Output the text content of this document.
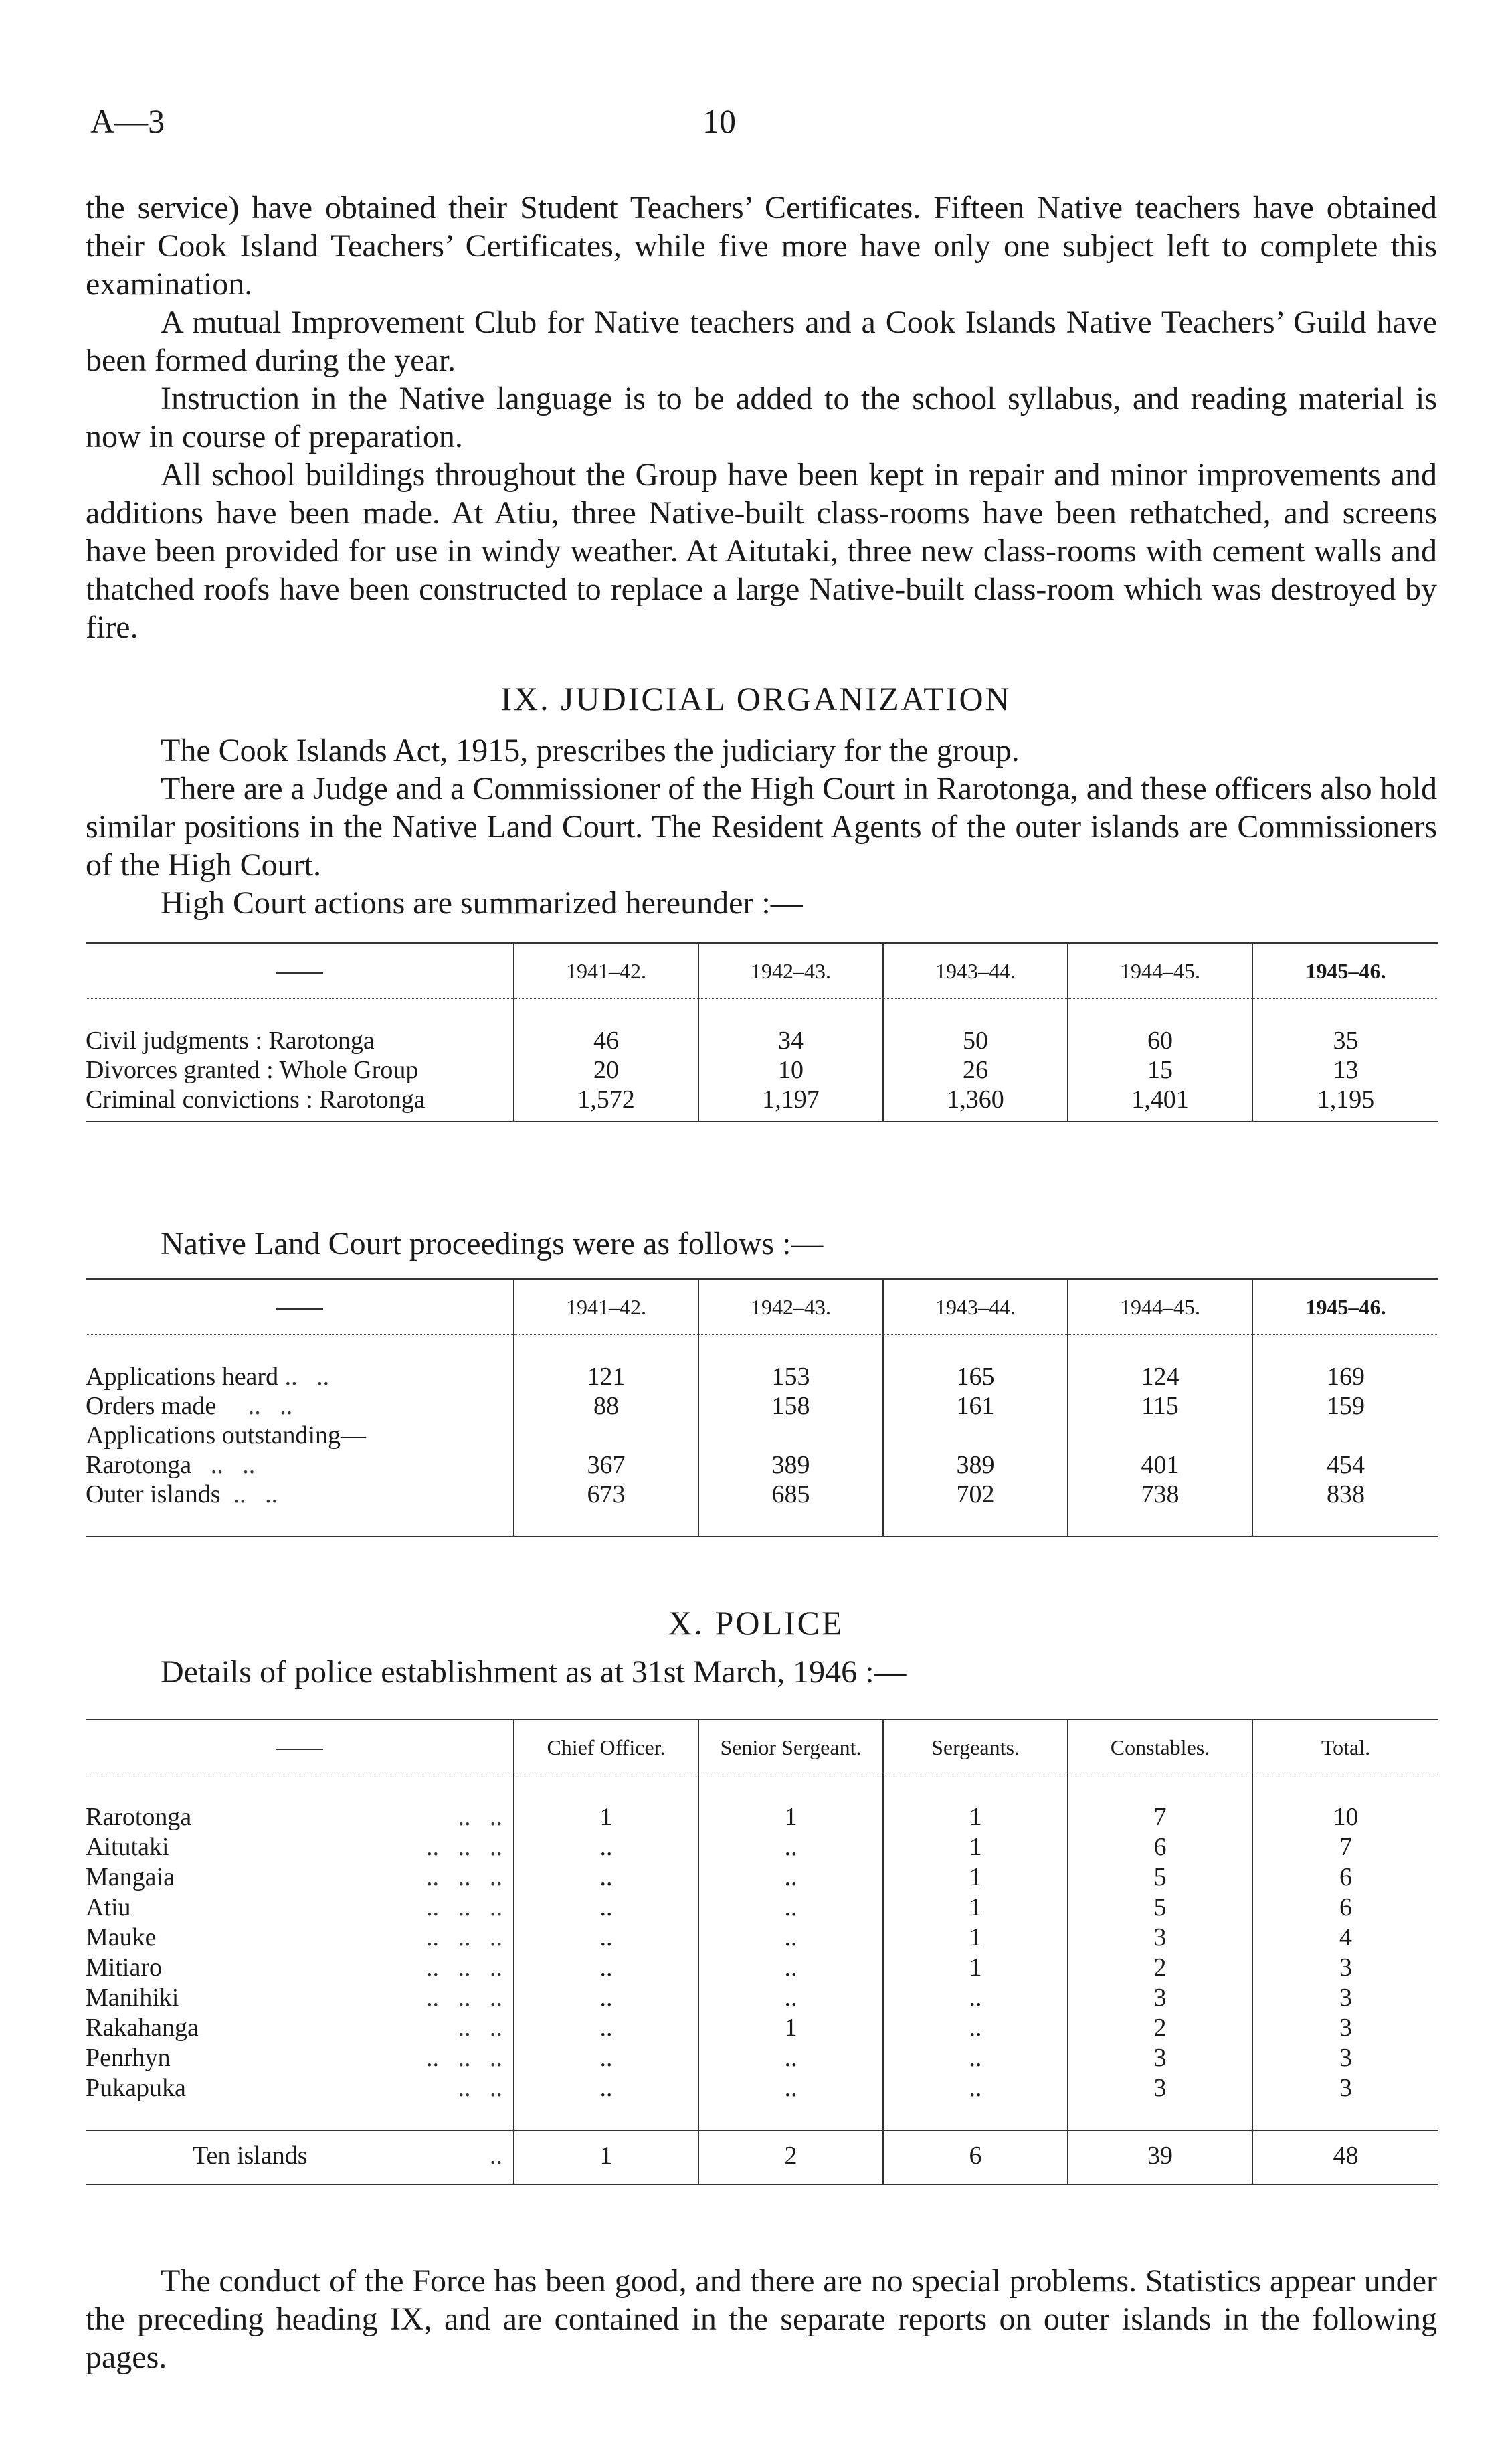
A—3	10

the service) have obtained their Student Teachers’ Certificates. Fifteen Native teachers have obtained their Cook Island Teachers’ Certificates, while five more have only one subject left to complete this examination.

A mutual Improvement Club for Native teachers and a Cook Islands Native Teachers’ Guild have been formed during the year.

Instruction in the Native language is to be added to the school syllabus, and reading material is now in course of preparation.

All school buildings throughout the Group have been kept in repair and minor improvements and additions have been made. At Atiu, three Native-built class-rooms have been rethatched, and screens have been provided for use in windy weather. At Aitutaki, three new class-rooms with cement walls and thatched roofs have been constructed to replace a large Native-built class-room which was destroyed by fire.

IX. JUDICIAL ORGANIZATION

The Cook Islands Act, 1915, prescribes the judiciary for the group.

There are a Judge and a Commissioner of the High Court in Rarotonga, and these officers also hold similar positions in the Native Land Court. The Resident Agents of the outer islands are Commissioners of the High Court.

High Court actions are summarized hereunder :—

	1941–42.	1942–43.	1943–44.	1944–45.	1945–46.

Civil judgments : Rarotonga	46	34	50	60	35
Divorces granted : Whole Group	20	10	26	15	13
Criminal convictions : Rarotonga	1,572	1,197	1,360	1,401	1,195

Native Land Court proceedings were as follows :—

	1941–42.	1942–43.	1943–44.	1944–45.	1945–46.

Applications heard ..   ..	121	153	165	124	169
Orders made     ..   ..	88	158	161	115	159
Applications outstanding—					
Rarotonga   ..   ..	367	389	389	401	454
Outer islands  ..   ..	673	685	702	738	838

X. POLICE

Details of police establishment as at 31st March, 1946 :—

	Chief Officer.	Senior Sergeant.	Sergeants.	Constables.	Total.

Rarotonga ..   ..	1	1	1	7	10
Aitutaki ..   ..   ..	..	..	1	6	7
Mangaia ..   ..   ..	..	..	1	5	6
Atiu ..   ..   ..	..	..	1	5	6
Mauke ..   ..   ..	..	..	1	3	4
Mitiaro ..   ..   ..	..	..	1	2	3
Manihiki ..   ..   ..	..	..	..	3	3
Rakahanga ..   ..	..	1	..	2	3
Penrhyn ..   ..   ..	..	..	..	3	3
Pukapuka ..   ..	..	..	..	3	3

Ten islands ..	1	2	6	39	48

The conduct of the Force has been good, and there are no special problems. Statistics appear under the preceding heading IX, and are contained in the separate reports on outer islands in the following pages.
